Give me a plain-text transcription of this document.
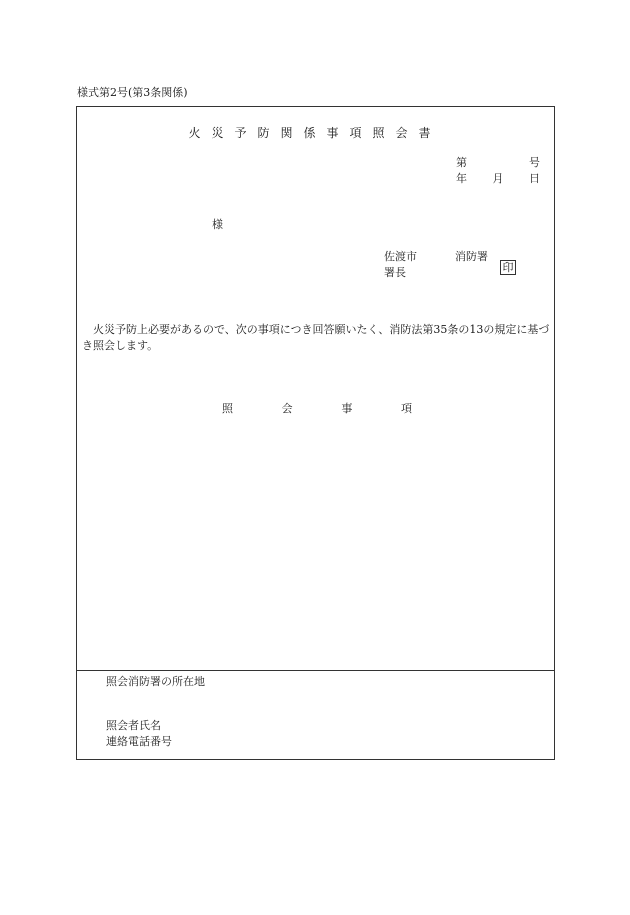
様式第2号(第3条関係)
火災予防関係事項照会書
第	号
年 月 日
様
佐渡市	消防署
署長	印
火災予防上必要があるので、次の事項につき回答願いたく、消防法第35条の13の規定に基づき照会します。
照	会	事	項
照会消防署の所在地
照会者氏名
連絡電話番号
